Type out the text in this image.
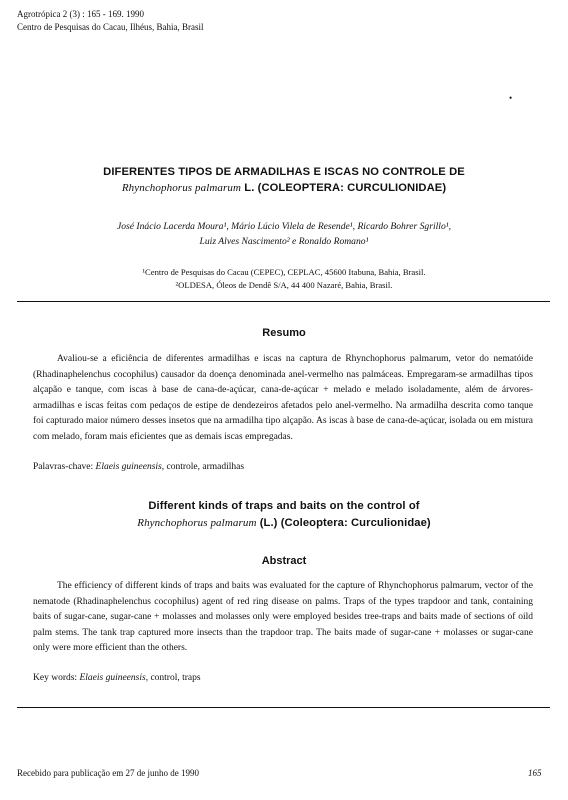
Agrotrópica 2 (3) : 165 - 169. 1990
Centro de Pesquisas do Cacau, Ilhéus, Bahia, Brasil
•
DIFERENTES TIPOS DE ARMADILHAS E ISCAS NO CONTROLE DE
Rhynchophorus palmarum L. (COLEOPTERA: CURCULIONIDAE)
José Inácio Lacerda Moura¹, Mário Lúcio Vilela de Resende¹, Ricardo Bohrer Sgrillo¹,
Luiz Alves Nascimento² e Ronaldo Romano¹
¹Centro de Pesquisas do Cacau (CEPEC), CEPLAC, 45600 Itabuna, Bahia, Brasil.
²OLDESA, Óleos de Dendê S/A, 44 400 Nazaré, Bahia, Brasil.
Resumo
Avaliou-se a eficiência de diferentes armadilhas e iscas na captura de Rhynchophorus palmarum, vetor do nematóide (Rhadinaphelenchus cocophilus) causador da doença denominada anel-vermelho nas palmáceas. Empregaram-se armadilhas tipos alçapão e tanque, com iscas à base de cana-de-açúcar, cana-de-açúcar + melado e melado isoladamente, além de árvores-armadilhas e iscas feitas com pedaços de estipe de dendezeiros afetados pelo anel-vermelho. Na armadilha descrita como tanque foi capturado maior número desses insetos que na armadilha tipo alçapão. As iscas à base de cana-de-açúcar, isolada ou em mistura com melado, foram mais eficientes que as demais iscas empregadas.
Palavras-chave: Elaeis guineensis, controle, armadilhas
Different kinds of traps and baits on the control of
Rhynchophorus palmarum (L.) (Coleoptera: Curculionidae)
Abstract
The efficiency of different kinds of traps and baits was evaluated for the capture of Rhynchophorus palmarum, vector of the nematode (Rhadinaphelenchus cocophilus) agent of red ring disease on palms. Traps of the types trapdoor and tank, containing baits of sugar-cane, sugar-cane + molasses and molasses only were employed besides tree-traps and baits made of sections of oild palm stems. The tank trap captured more insects than the trapdoor trap. The baits made of sugar-cane + molasses or sugar-cane only were more efficient than the others.
Key words: Elaeis guineensis, control, traps
Recebido para publicação em 27 de junho de 1990	165
